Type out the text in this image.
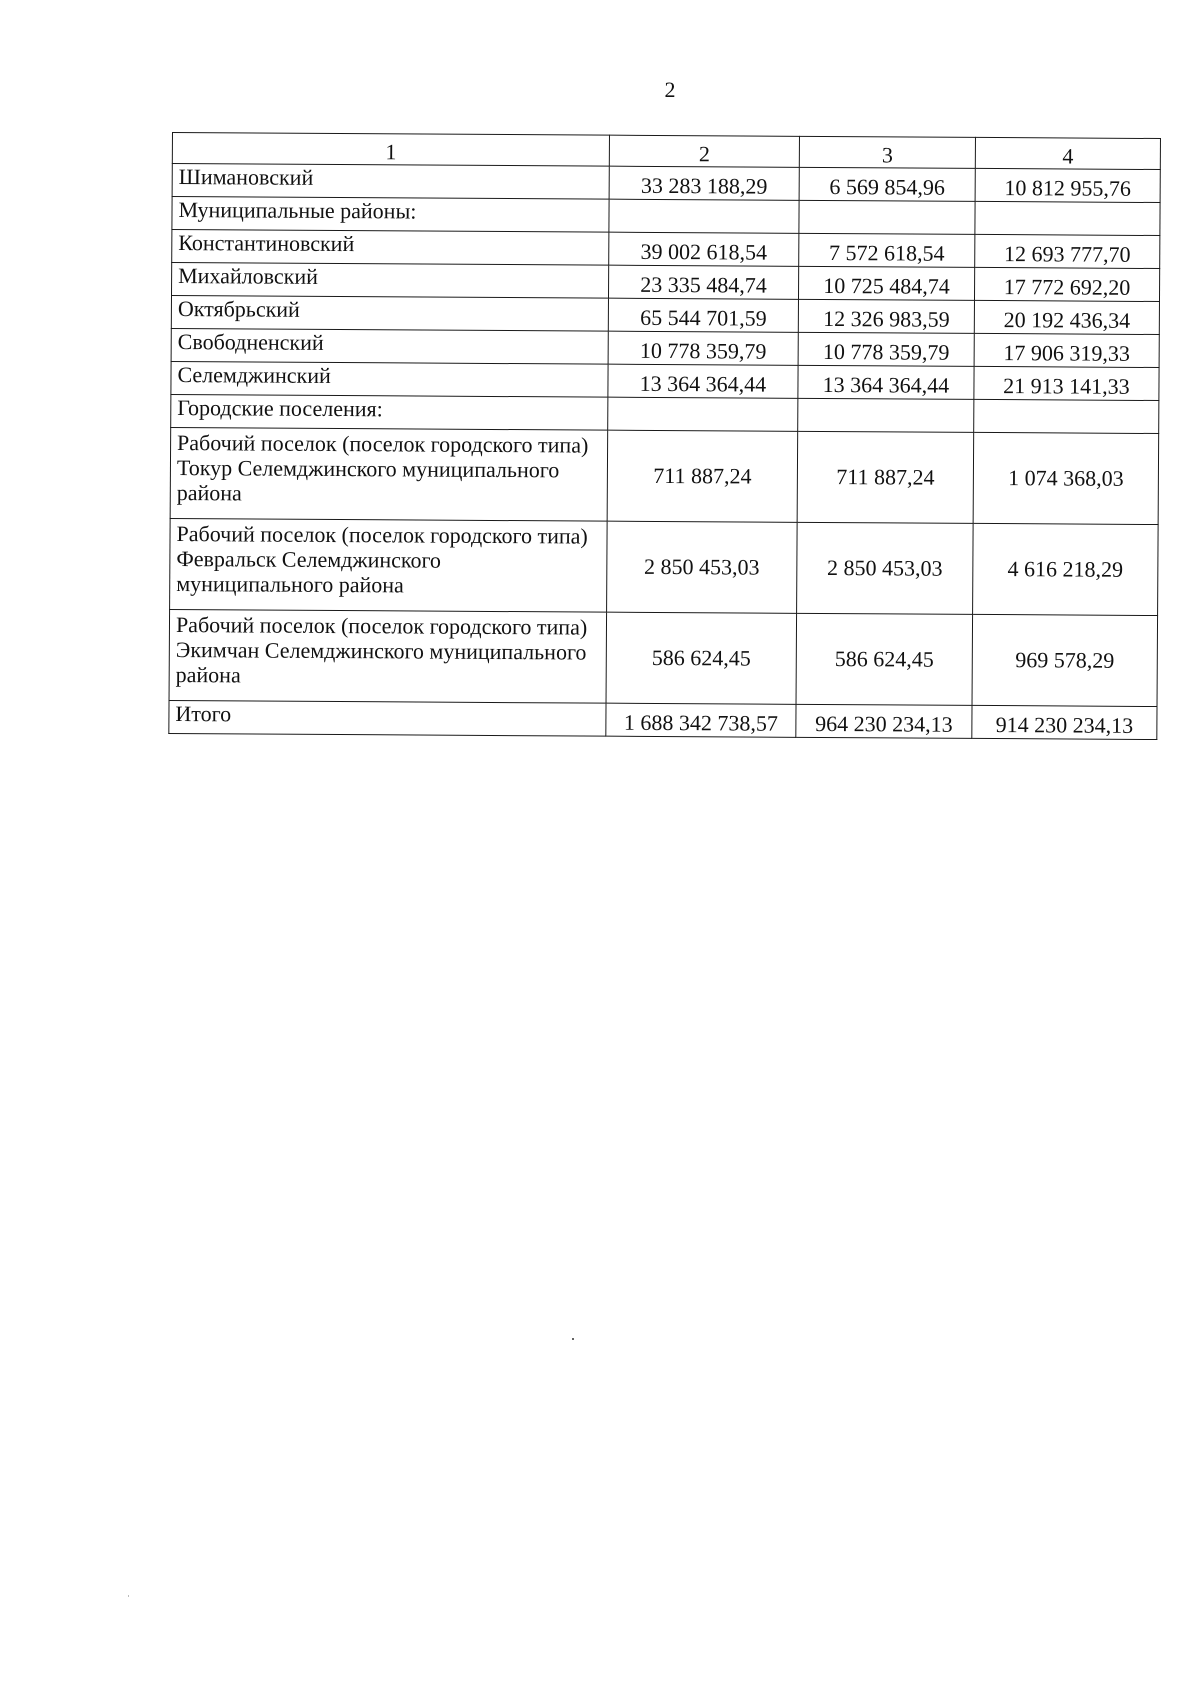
2
1	2	3	4
Шимановский	33 283 188,29	6 569 854,96	10 812 955,76
Муниципальные районы:			
Константиновский	39 002 618,54	7 572 618,54	12 693 777,70
Михайловский	23 335 484,74	10 725 484,74	17 772 692,20
Октябрьский	65 544 701,59	12 326 983,59	20 192 436,34
Свободненский	10 778 359,79	10 778 359,79	17 906 319,33
Селемджинский	13 364 364,44	13 364 364,44	21 913 141,33
Городские поселения:			
Рабочий поселок (поселок городского типа) Токур Селемджинского муниципального района	711 887,24	711 887,24	1 074 368,03
Рабочий поселок (поселок городского типа) Февральск Селемджинского муниципального района	2 850 453,03	2 850 453,03	4 616 218,29
Рабочий поселок (поселок городского типа) Экимчан Селемджинского муниципального района	586 624,45	586 624,45	969 578,29
Итого	1 688 342 738,57	964 230 234,13	914 230 234,13
